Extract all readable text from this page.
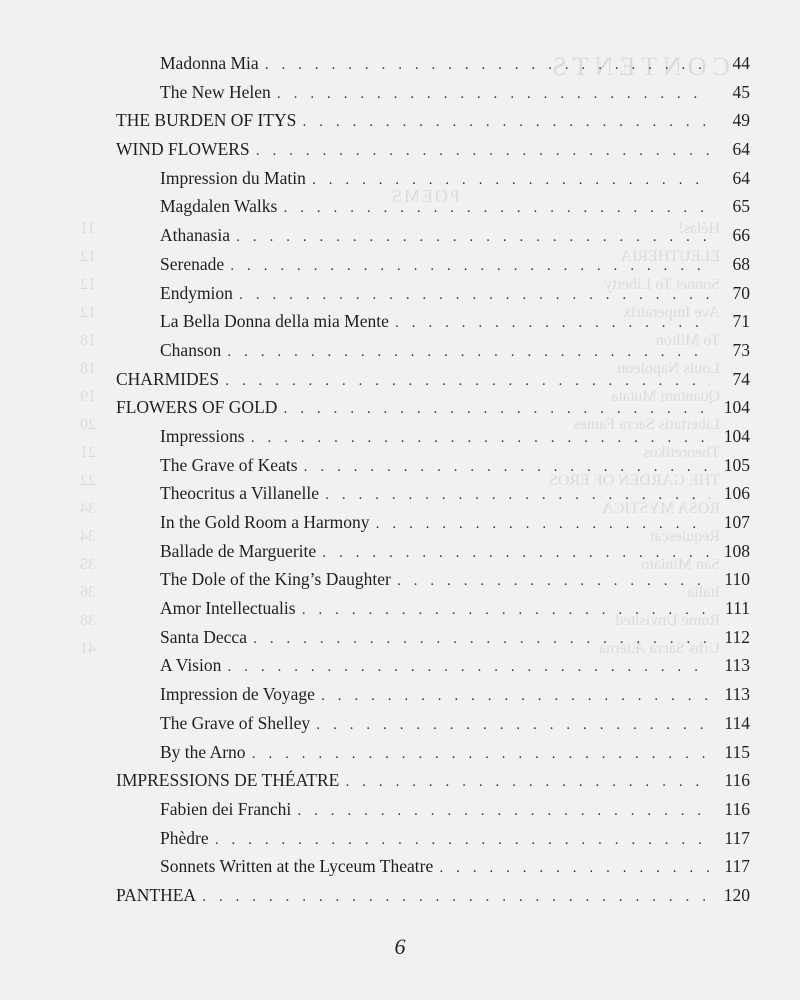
CONTENTS
POEMS
Hélas!
11
ELEUTHERIA
12
Sonnet To Liberty
12
Ave Imperatrix
12
To Milton
18
Louis Napoleon
18
Quantum Mutata
19
Libertatis Sacra Fames
20
Theoretikos
21
THE GARDEN OF EROS
22
ROSA MYSTICA
34
Requiescat
34
San Miniato
35
Italia
36
Rome Unvisited
38
Urbs Sacra Æterna
41
Madonna Mia . . .	44
The New Helen . . .	45
THE BURDEN OF ITYS . . .	49
WIND FLOWERS . . .	64
Impression du Matin . . .	64
Magdalen Walks . . .	65
Athanasia . . .	66
Serenade . . .	68
Endymion . . .	70
La Bella Donna della mia Mente . . .	71
Chanson . . .	73
CHARMIDES . . .	74
FLOWERS OF GOLD . . .	104
Impressions . . .	104
The Grave of Keats . . .	105
Theocritus a Villanelle . . .	106
In the Gold Room a Harmony . . .	107
Ballade de Marguerite . . .	108
The Dole of the King’s Daughter . . .	110
Amor Intellectualis . . .	111
Santa Decca . . .	112
A Vision . . .	113
Impression de Voyage . . .	113
The Grave of Shelley . . .	114
By the Arno . . .	115
IMPRESSIONS DE THÉATRE . . .	116
Fabien dei Franchi . . .	116
Phèdre . . .	117
Sonnets Written at the Lyceum Theatre . . .	117
PANTHEA . . .	120
6
